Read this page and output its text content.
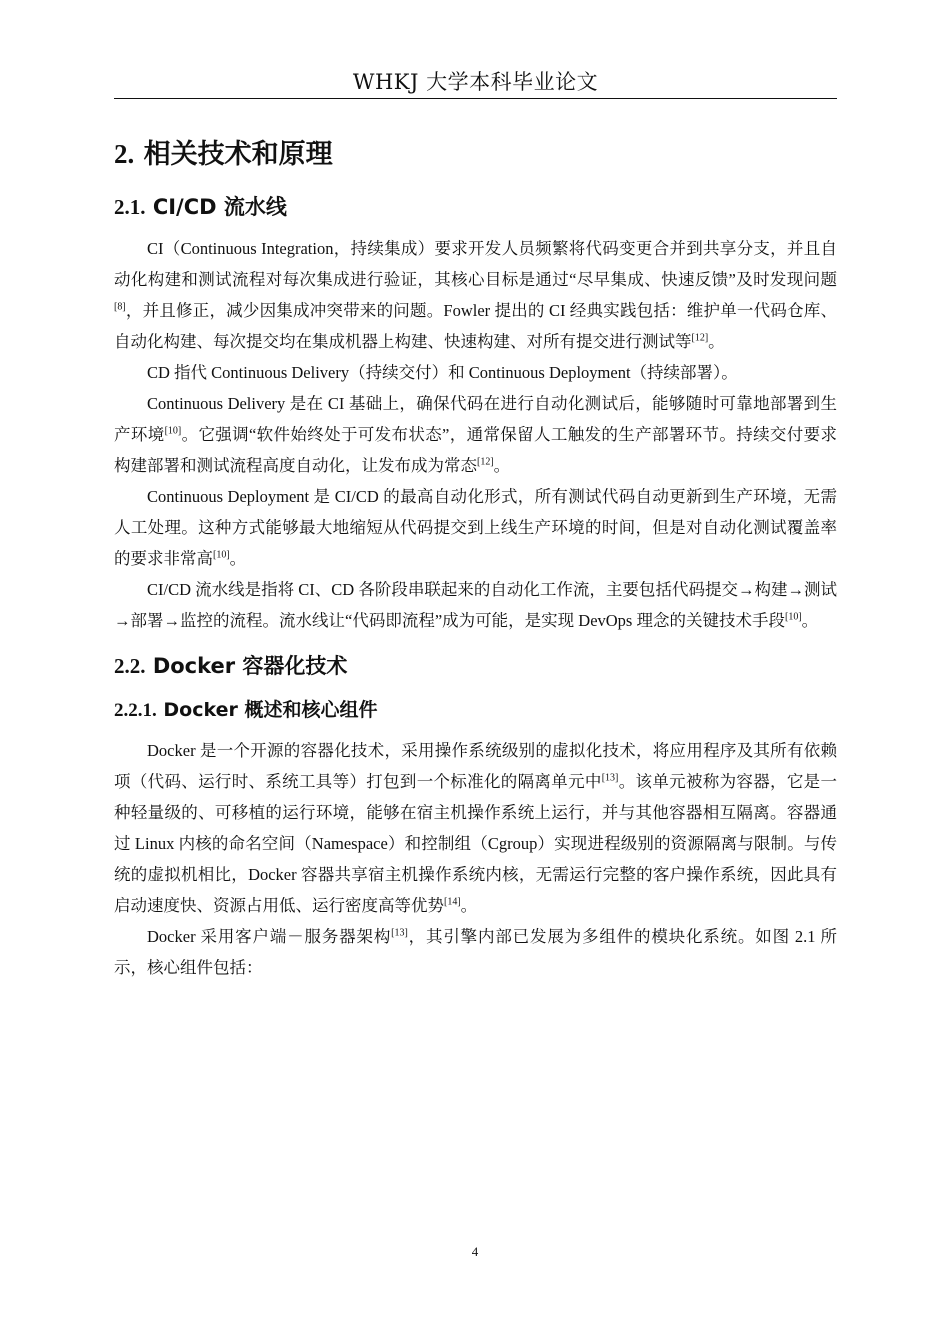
WHKJ 大学本科毕业论文
2. 相关技术和原理
2.1. CI/CD 流水线

CI（Continuous Integration，持续集成）要求开发人员频繁将代码变更合并到共享分支，并且自动化构建和测试流程对每次集成进行验证，其核心目标是通过“尽早集成、快速反馈”及时发现问题[8]，并且修正，减少因集成冲突带来的问题。Fowler 提出的 CI 经典实践包括：维护单一代码仓库、自动化构建、每次提交均在集成机器上构建、快速构建、对所有提交进行测试等[12]。

CD 指代 Continuous Delivery（持续交付）和 Continuous Deployment（持续部署）。

Continuous Delivery 是在 CI 基础上，确保代码在进行自动化测试后，能够随时可靠地部署到生产环境[10]。它强调“软件始终处于可发布状态”，通常保留人工触发的生产部署环节。持续交付要求构建部署和测试流程高度自动化，让发布成为常态[12]。

Continuous Deployment 是 CI/CD 的最高自动化形式，所有测试代码自动更新到生产环境，无需人工处理。这种方式能够最大地缩短从代码提交到上线生产环境的时间，但是对自动化测试覆盖率的要求非常高[10]。

CI/CD 流水线是指将 CI、CD 各阶段串联起来的自动化工作流，主要包括代码提交→构建→测试→部署→监控的流程。流水线让“代码即流程”成为可能，是实现 DevOps 理念的关键技术手段[10]。

2.2. Docker 容器化技术
2.2.1. Docker 概述和核心组件

Docker 是一个开源的容器化技术，采用操作系统级别的虚拟化技术，将应用程序及其所有依赖项（代码、运行时、系统工具等）打包到一个标准化的隔离单元中[13]。该单元被称为容器，它是一种轻量级的、可移植的运行环境，能够在宿主机操作系统上运行，并与其他容器相互隔离。容器通过 Linux 内核的命名空间（Namespace）和控制组（Cgroup）实现进程级别的资源隔离与限制。与传统的虚拟机相比，Docker 容器共享宿主机操作系统内核，无需运行完整的客户操作系统，因此具有启动速度快、资源占用低、运行密度高等优势[14]。

Docker 采用客户端－服务器架构[13]，其引擎内部已发展为多组件的模块化系统。如图 2.1 所示，核心组件包括：

4
